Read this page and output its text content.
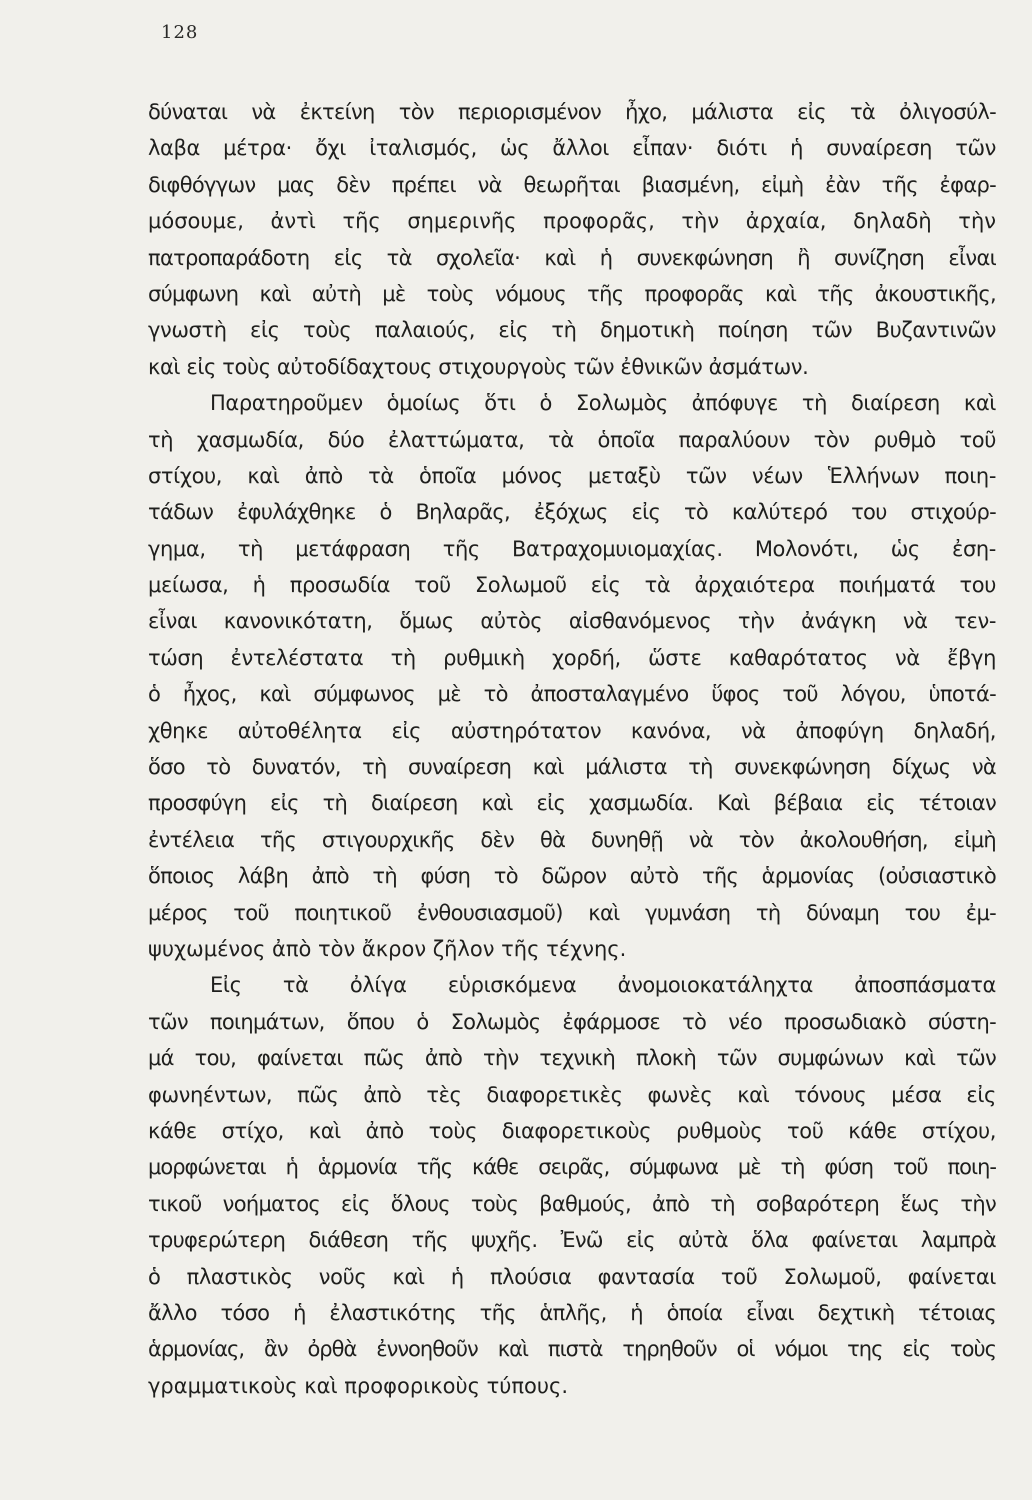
128
δύναται νὰ ἐκτείνη τὸν περιορισμένον ἦχο, μάλιστα εἰς τὰ ὀλιγοσύλ-
λαβα μέτρα· ὄχι ἰταλισμός, ὡς ἄλλοι εἶπαν· διότι ἡ συναίρεση τῶν
διφθόγγων μας δὲν πρέπει νὰ θεωρῆται βιασμένη, εἰμὴ ἐὰν τῆς ἐφαρ-
μόσουμε, ἀντὶ τῆς σημερινῆς προφορᾶς, τὴν ἀρχαία, δηλαδὴ τὴν
πατροπαράδοτη εἰς τὰ σχολεῖα· καὶ ἡ συνεκφώνηση ἢ συνίζηση εἶναι
σύμφωνη καὶ αὐτὴ μὲ τοὺς νόμους τῆς προφορᾶς καὶ τῆς ἀκουστικῆς,
γνωστὴ εἰς τοὺς παλαιούς, εἰς τὴ δημοτικὴ ποίηση τῶν Βυζαντινῶν
καὶ εἰς τοὺς αὐτοδίδαχτους στιχουργοὺς τῶν ἐθνικῶν ἀσμάτων.
Παρατηροῦμεν ὁμοίως ὅτι ὁ Σολωμὸς ἀπόφυγε τὴ διαίρεση καὶ
τὴ χασμωδία, δύο ἐλαττώματα, τὰ ὁποῖα παραλύουν τὸν ρυθμὸ τοῦ
στίχου, καὶ ἀπὸ τὰ ὁποῖα μόνος μεταξὺ τῶν νέων Ἑλλήνων ποιη-
τάδων ἐφυλάχθηκε ὁ Βηλαρᾶς, ἐξόχως εἰς τὸ καλύτερό του στιχούρ-
γημα, τὴ μετάφραση τῆς Βατραχομυιομαχίας. Μολονότι, ὡς ἐση-
μείωσα, ἡ προσωδία τοῦ Σολωμοῦ εἰς τὰ ἀρχαιότερα ποιήματά του
εἶναι κανονικότατη, ὅμως αὐτὸς αἰσθανόμενος τὴν ἀνάγκη νὰ τεν-
τώση ἐντελέστατα τὴ ρυθμικὴ χορδή, ὥστε καθαρότατος νὰ ἔβγη
ὁ ἦχος, καὶ σύμφωνος μὲ τὸ ἀποσταλαγμένο ὕφος τοῦ λόγου, ὑποτά-
χθηκε αὐτοθέλητα εἰς αὐστηρότατον κανόνα, νὰ ἀποφύγη δηλαδή,
ὅσο τὸ δυνατόν, τὴ συναίρεση καὶ μάλιστα τὴ συνεκφώνηση δίχως νὰ
προσφύγη εἰς τὴ διαίρεση καὶ εἰς χασμωδία. Καὶ βέβαια εἰς τέτοιαν
ἐντέλεια τῆς στιγουρχικῆς δὲν θὰ δυνηθῇ νὰ τὸν ἀκολουθήση, εἰμὴ
ὅποιος λάβη ἀπὸ τὴ φύση τὸ δῶρον αὐτὸ τῆς ἁρμονίας (οὐσιαστικὸ
μέρος τοῦ ποιητικοῦ ἐνθουσιασμοῦ) καὶ γυμνάση τὴ δύναμη του ἐμ-
ψυχωμένος ἀπὸ τὸν ἄκρον ζῆλον τῆς τέχνης.
Εἰς τὰ ὀλίγα εὑρισκόμενα ἀνομοιοκατάληχτα ἀποσπάσματα
τῶν ποιημάτων, ὅπου ὁ Σολωμὸς ἐφάρμοσε τὸ νέο προσωδιακὸ σύστη-
μά του, φαίνεται πῶς ἀπὸ τὴν τεχνικὴ πλοκὴ τῶν συμφώνων καὶ τῶν
φωνηέντων, πῶς ἀπὸ τὲς διαφορετικὲς φωνὲς καὶ τόνους μέσα εἰς
κάθε στίχο, καὶ ἀπὸ τοὺς διαφορετικοὺς ρυθμοὺς τοῦ κάθε στίχου,
μορφώνεται ἡ ἁρμονία τῆς κάθε σειρᾶς, σύμφωνα μὲ τὴ φύση τοῦ ποιη-
τικοῦ νοήματος εἰς ὅλους τοὺς βαθμούς, ἀπὸ τὴ σοβαρότερη ἕως τὴν
τρυφερώτερη διάθεση τῆς ψυχῆς. Ἐνῶ εἰς αὐτὰ ὅλα φαίνεται λαμπρὰ
ὁ πλαστικὸς νοῦς καὶ ἡ πλούσια φαντασία τοῦ Σολωμοῦ, φαίνεται
ἄλλο τόσο ἡ ἐλαστικότης τῆς ἁπλῆς, ἡ ὁποία εἶναι δεχτικὴ τέτοιας
ἁρμονίας, ἂν ὀρθὰ ἐννοηθοῦν καὶ πιστὰ τηρηθοῦν οἱ νόμοι της εἰς τοὺς
γραμματικοὺς καὶ προφορικοὺς τύπους.
